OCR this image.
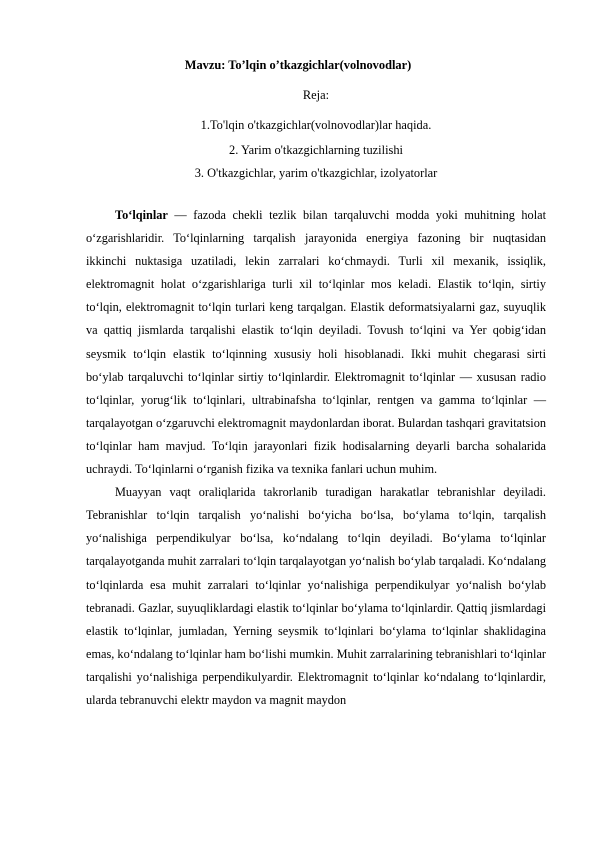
Mavzu: To’lqin o’tkazgichlar(volnovodlar)
Reja:
1.To'lqin o'tkazgichlar(volnovodlar)lar haqida.
2. Yarim o'tkazgichlarning tuzilishi
3. O'tkazgichlar, yarim o'tkazgichlar, izolyatorlar

To‘lqinlar — fazoda chekli tezlik bilan tarqaluvchi modda yoki muhitning holat o‘zgarishlaridir. To‘lqinlarning tarqalish jarayonida energiya fazoning bir nuqtasidan ikkinchi nuktasiga uzatiladi, lekin zarralari ko‘chmaydi. Turli xil mexanik, issiqlik, elektromagnit holat o‘zgarishlariga turli xil to‘lqinlar mos keladi. Elastik to‘lqin, sirtiy to‘lqin, elektromagnit to‘lqin turlari keng tarqalgan. Elastik deformatsiyalarni gaz, suyuqlik va qattiq jismlarda tarqalishi elastik to‘lqin deyiladi. Tovush to‘lqini va Yer qobig‘idan seysmik to‘lqin elastik to‘lqinning xususiy holi hisoblanadi. Ikki muhit chegarasi sirti bo‘ylab tarqaluvchi to‘lqinlar sirtiy to‘lqinlardir. Elektromagnit to‘lqinlar — xususan radio to‘lqinlar, yorug‘lik to‘lqinlari, ultrabinafsha to‘lqinlar, rentgen va gamma to‘lqinlar — tarqalayotgan o‘zgaruvchi elektromagnit maydonlardan iborat. Bulardan tashqari gravitatsion to‘lqinlar ham mavjud. To‘lqin jarayonlari fizik hodisalarning deyarli barcha sohalarida uchraydi. To‘lqinlarni o‘rganish fizika va texnika fanlari uchun muhim.

Muayyan vaqt oraliqlarida takrorlanib turadigan harakatlar tebranishlar deyiladi. Tebranishlar to‘lqin tarqalish yo‘nalishi bo‘yicha bo‘lsa, bo‘ylama to‘lqin, tarqalish yo‘nalishiga perpendikulyar bo‘lsa, ko‘ndalang to‘lqin deyiladi. Bo‘ylama to‘lqinlar tarqalayotganda muhit zarralari to‘lqin tarqalayotgan yo‘nalish bo‘ylab tarqaladi. Ko‘ndalang to‘lqinlarda esa muhit zarralari to‘lqinlar yo‘nalishiga perpendikulyar yo‘nalish bo‘ylab tebranadi. Gazlar, suyuqliklardagi elastik to‘lqinlar bo‘ylama to‘lqinlardir. Qattiq jismlardagi elastik to‘lqinlar, jumladan, Yerning seysmik to‘lqinlari bo‘ylama to‘lqinlar shaklidagina emas, ko‘ndalang to‘lqinlar ham bo‘lishi mumkin. Muhit zarralarining tebranishlari to‘lqinlar tarqalishi yo‘nalishiga perpendikulyardir. Elektromagnit to‘lqinlar ko‘ndalang to‘lqinlardir, ularda tebranuvchi elektr maydon va magnit maydon
